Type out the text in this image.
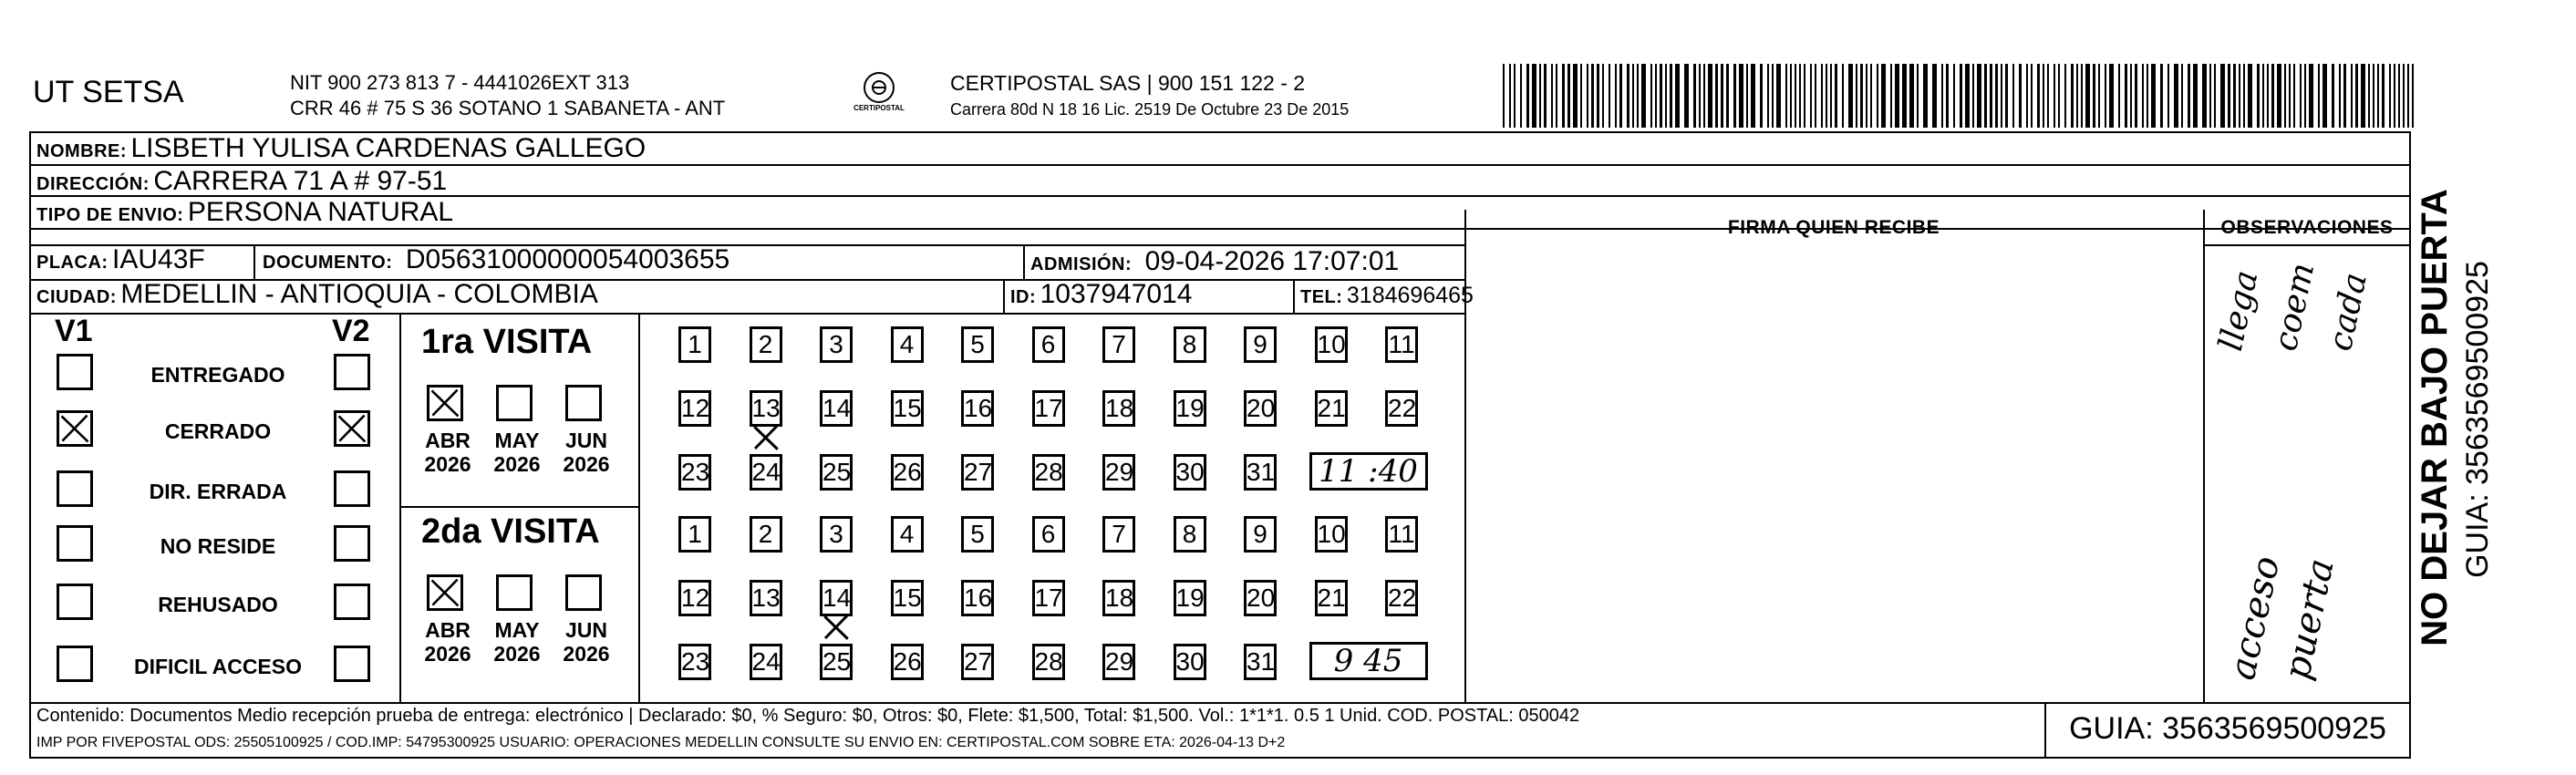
UT SETSA	NIT 900 273 813 7 - 4441026EXT 313
CRR 46 # 75 S 36 SOTANO 1 SABANETA - ANT	CERTIPOSTAL
CERTIPOSTAL SAS | 900 151 122 - 2
Carrera 80d N 18 16 Lic. 2519 De Octubre 23 De 2015
NOMBRE: LISBETH YULISA CARDENAS GALLEGO
DIRECCIÓN: CARRERA 71 A # 97-51
TIPO DE ENVIO: PERSONA NATURAL
PLACA: IAU43F	DOCUMENTO: D05631000000054003655	ADMISIÓN: 09-04-2026 17:07:01
CIUDAD: MEDELLIN - ANTIOQUIA - COLOMBIA	ID: 1037947014	TEL: 3184696465
FIRMA QUIEN RECIBE	OBSERVACIONES
V1	V2
ENTREGADO
CERRADO
DIR. ERRADA
NO RESIDE
REHUSADO
DIFICIL ACCESO
1ra VISITA
ABR
2026
MAY
2026
JUN
2026
1	2	3	4	5	6	7	8	9	10 11
12 13 14 15 16 17 18 19 20 21 22
23 24 25 26 27 28 29 30 31	11 :40
2da VISITA
ABR
2026
MAY
2026
JUN
2026
1	2	3	4	5	6	7	8	9	10 11
12 13 14 15 16 17 18 19 20 21 22
23 24 25 26 27 28 29 30 31	9 45
llega coem cada
acceso
puerta
Contenido: Documentos Medio recepción prueba de entrega: electrónico | Declarado: $0, % Seguro: $0, Otros: $0, Flete: $1,500, Total: $1,500. Vol.: 1*1*1. 0.5 1 Unid. COD. POSTAL: 050042
IMP POR FIVEPOSTAL ODS: 25505100925 / COD.IMP: 54795300925 USUARIO: OPERACIONES MEDELLIN CONSULTE SU ENVIO EN: CERTIPOSTAL.COM SOBRE ETA: 2026-04-13 D+2	GUIA: 3563569500925
NO DEJAR BAJO PUERTA GUIA: 3563569500925
